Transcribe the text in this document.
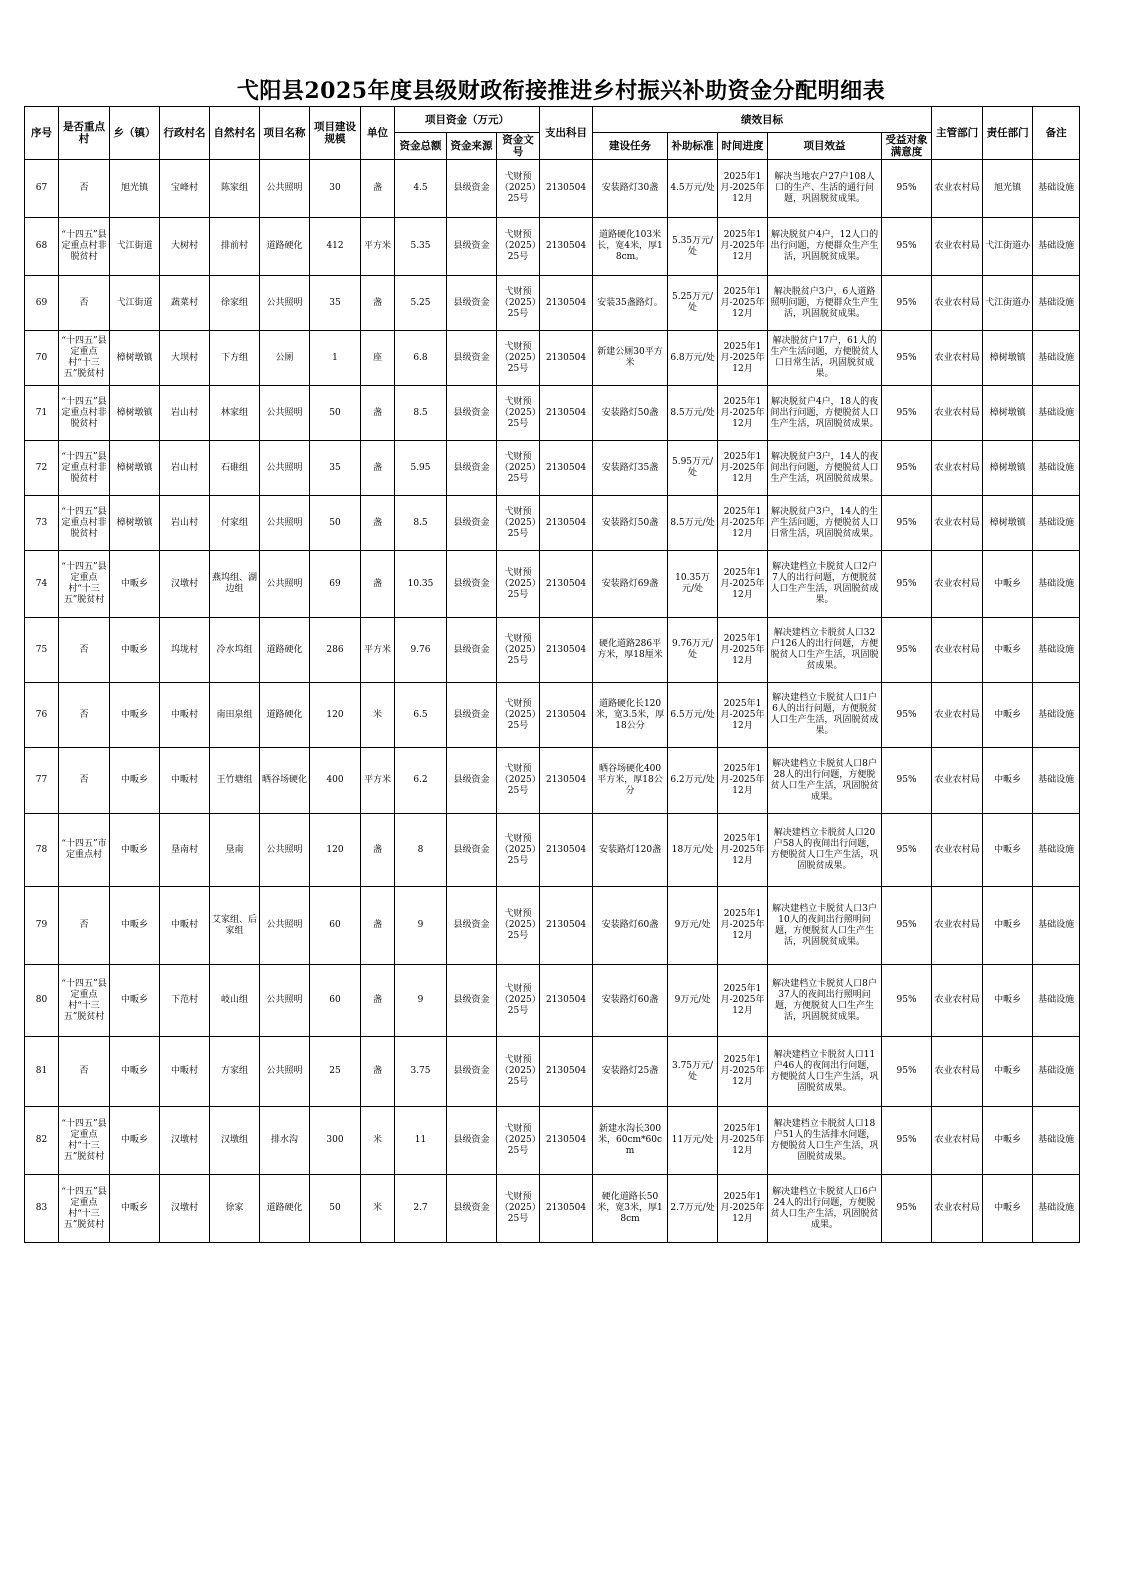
弋阳县2025年度县级财政衔接推进乡村振兴补助资金分配明细表
序号	是否重点村	乡（镇）	行政村名	自然村名	项目名称	项目建设规模	单位	项目资金（万元）			支出科目	绩效目标					主管部门	责任部门	备注
								资金总额	资金来源	资金文号		建设任务	补助标准	时间进度	项目效益	受益对象满意度			
67	否	旭光镇	宝峰村	陈家组	公共照明	30	盏	4.5	县级资金	弋财预（2025）25号	2130504	安装路灯30盏	4.5万元/处	2025年1月-2025年12月	解决当地农户27户108人口的生产、生活的通行问题，巩固脱贫成果。	95%	农业农村局	旭光镇	基础设施
68	“十四五”县定重点村非脱贫村	弋江街道	大树村	排前村	道路硬化	412	平方米	5.35	县级资金	弋财预（2025）25号	2130504	道路硬化103米长，宽4米，厚18cm。	5.35万元/处	2025年1月-2025年12月	解决脱贫户4户，12人口的出行问题，方便群众生产生活，巩固脱贫成果。	95%	农业农村局	弋江街道办	基础设施
69	否	弋江街道	蔬菜村	徐家组	公共照明	35	盏	5.25	县级资金	弋财预（2025）25号	2130504	安装35盏路灯。	5.25万元/处	2025年1月-2025年12月	解决脱贫户3户，6人道路照明问题，方便群众生产生活，巩固脱贫成果。	95%	农业农村局	弋江街道办	基础设施
70	“十四五”县定重点村“十三五”脱贫村	樟树墩镇	大坝村	下方组	公厕	1	座	6.8	县级资金	弋财预（2025）25号	2130504	新建公厕30平方米	6.8万元/处	2025年1月-2025年12月	解决脱贫户17户，61人的生产生活问题，方便脱贫人口日常生活，巩固脱贫成果。	95%	农业农村局	樟树墩镇	基础设施
71	“十四五”县定重点村非脱贫村	樟树墩镇	岩山村	林家组	公共照明	50	盏	8.5	县级资金	弋财预（2025）25号	2130504	安装路灯50盏	8.5万元/处	2025年1月-2025年12月	解决脱贫户4户，18人的夜间出行问题，方便脱贫人口生产生活，巩固脱贫成果。	95%	农业农村局	樟树墩镇	基础设施
72	“十四五”县定重点村非脱贫村	樟树墩镇	岩山村	石碓组	公共照明	35	盏	5.95	县级资金	弋财预（2025）25号	2130504	安装路灯35盏	5.95万元/处	2025年1月-2025年12月	解决脱贫户3户，14人的夜间出行问题，方便脱贫人口生产生活，巩固脱贫成果。	95%	农业农村局	樟树墩镇	基础设施
73	“十四五”县定重点村非脱贫村	樟树墩镇	岩山村	付家组	公共照明	50	盏	8.5	县级资金	弋财预（2025）25号	2130504	安装路灯50盏	8.5万元/处	2025年1月-2025年12月	解决脱贫户3户，14人的生产生活问题，方便脱贫人口日常生活，巩固脱贫成果。	95%	农业农村局	樟树墩镇	基础设施
74	“十四五”县定重点村“十三五”脱贫村	中畈乡	汉墩村	燕坞组、湖边组	公共照明	69	盏	10.35	县级资金	弋财预（2025）25号	2130504	安装路灯69盏	10.35万元/处	2025年1月-2025年12月	解决建档立卡脱贫人口2户7人的出行问题，方便脱贫人口生产生活，巩固脱贫成果。	95%	农业农村局	中畈乡	基础设施
75	否	中畈乡	坞垅村	冷水坞组	道路硬化	286	平方米	9.76	县级资金	弋财预（2025）25号	2130504	硬化道路286平方米，厚18厘米	9.76万元/处	2025年1月-2025年12月	解决建档立卡脱贫人口32户126人的出行问题，方便脱贫人口生产生活，巩固脱贫成果。	95%	农业农村局	中畈乡	基础设施
76	否	中畈乡	中畈村	南田泉组	道路硬化	120	米	6.5	县级资金	弋财预（2025）25号	2130504	道路硬化长120米，宽3.5米，厚18公分	6.5万元/处	2025年1月-2025年12月	解决建档立卡脱贫人口1户6人的出行问题，方便脱贫人口生产生活，巩固脱贫成果。	95%	农业农村局	中畈乡	基础设施
77	否	中畈乡	中畈村	王竹塘组	晒谷场硬化	400	平方米	6.2	县级资金	弋财预（2025）25号	2130504	晒谷场硬化400平方米，厚18公分	6.2万元/处	2025年1月-2025年12月	解决建档立卡脱贫人口8户28人的出行问题，方便脱贫人口生产生活，巩固脱贫成果。	95%	农业农村局	中畈乡	基础设施
78	“十四五”市定重点村	中畈乡	垦南村	垦南	公共照明	120	盏	8	县级资金	弋财预（2025）25号	2130504	安装路灯120盏	18万元/处	2025年1月-2025年12月	解决建档立卡脱贫人口20户58人的夜间出行问题，方便脱贫人口生产生活，巩固脱贫成果。	95%	农业农村局	中畈乡	基础设施
79	否	中畈乡	中畈村	艾家组、后家组	公共照明	60	盏	9	县级资金	弋财预（2025）25号	2130504	安装路灯60盏	9万元/处	2025年1月-2025年12月	解决建档立卡脱贫人口3户10人的夜间出行照明问题，方便脱贫人口生产生活，巩固脱贫成果。	95%	农业农村局	中畈乡	基础设施
80	“十四五”县定重点村“十三五”脱贫村	中畈乡	下范村	岐山组	公共照明	60	盏	9	县级资金	弋财预（2025）25号	2130504	安装路灯60盏	9万元/处	2025年1月-2025年12月	解决建档立卡脱贫人口8户37人的夜间出行照明问题，方便脱贫人口生产生活，巩固脱贫成果。	95%	农业农村局	中畈乡	基础设施
81	否	中畈乡	中畈村	方家组	公共照明	25	盏	3.75	县级资金	弋财预（2025）25号	2130504	安装路灯25盏	3.75万元/处	2025年1月-2025年12月	解决建档立卡脱贫人口11户46人的夜间出行问题，方便脱贫人口生产生活，巩固脱贫成果。	95%	农业农村局	中畈乡	基础设施
82	“十四五”县定重点村“十三五”脱贫村	中畈乡	汉墩村	汉墩组	排水沟	300	米	11	县级资金	弋财预（2025）25号	2130504	新建水沟长300米，60cm*60cm	11万元/处	2025年1月-2025年12月	解决建档立卡脱贫人口18户51人的生活排水问题，方便脱贫人口生产生活，巩固脱贫成果。	95%	农业农村局	中畈乡	基础设施
83	“十四五”县定重点村“十三五”脱贫村	中畈乡	汉墩村	徐家	道路硬化	50	米	2.7	县级资金	弋财预（2025）25号	2130504	硬化道路长50米，宽3米，厚18cm	2.7万元/处	2025年1月-2025年12月	解决建档立卡脱贫人口6户24人的出行问题，方便脱贫人口生产生活，巩固脱贫成果。	95%	农业农村局	中畈乡	基础设施
